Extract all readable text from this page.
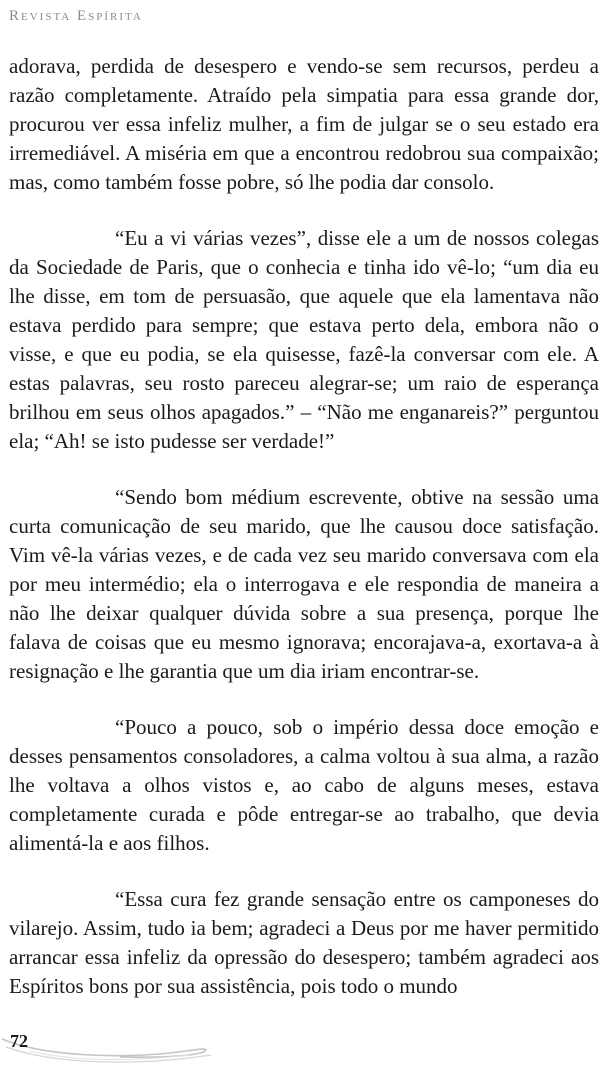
Revista Espírita

adorava, perdida de desespero e vendo-se sem recursos, perdeu a razão completamente. Atraído pela simpatia para essa grande dor, procurou ver essa infeliz mulher, a fim de julgar se o seu estado era irremediável. A miséria em que a encontrou redobrou sua compaixão; mas, como também fosse pobre, só lhe podia dar consolo.

“Eu a vi várias vezes”, disse ele a um de nossos colegas da Sociedade de Paris, que o conhecia e tinha ido vê-lo; “um dia eu lhe disse, em tom de persuasão, que aquele que ela lamentava não estava perdido para sempre; que estava perto dela, embora não o visse, e que eu podia, se ela quisesse, fazê-la conversar com ele. A estas palavras, seu rosto pareceu alegrar-se; um raio de esperança brilhou em seus olhos apagados.” – “Não me enganareis?” perguntou ela; “Ah! se isto pudesse ser verdade!”

“Sendo bom médium escrevente, obtive na sessão uma curta comunicação de seu marido, que lhe causou doce satisfação. Vim vê-la várias vezes, e de cada vez seu marido conversava com ela por meu intermédio; ela o interrogava e ele respondia de maneira a não lhe deixar qualquer dúvida sobre a sua presença, porque lhe falava de coisas que eu mesmo ignorava; encorajava-a, exortava-a à resignação e lhe garantia que um dia iriam encontrar-se.

“Pouco a pouco, sob o império dessa doce emoção e desses pensamentos consoladores, a calma voltou à sua alma, a razão lhe voltava a olhos vistos e, ao cabo de alguns meses, estava completamente curada e pôde entregar-se ao trabalho, que devia alimentá-la e aos filhos.

“Essa cura fez grande sensação entre os camponeses do vilarejo. Assim, tudo ia bem; agradeci a Deus por me haver permitido arrancar essa infeliz da opressão do desespero; também agradeci aos Espíritos bons por sua assistência, pois todo o mundo

72
